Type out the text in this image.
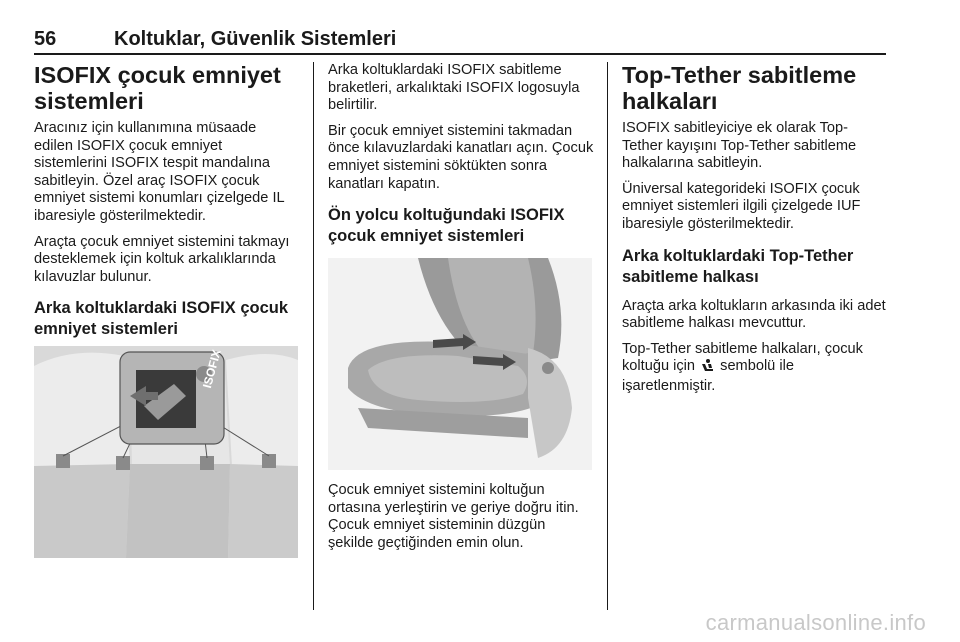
56	Koltuklar, Güvenlik Sistemleri
ISOFIX çocuk emniyet sistemleri

Aracınız için kullanımına müsaade edilen ISOFIX çocuk emniyet sistemlerini ISOFIX tespit mandalına sabitleyin. Özel araç ISOFIX çocuk emniyet sistemi konumları çizelgede IL ibaresiyle gösterilmektedir.

Araçta çocuk emniyet sistemini takmayı desteklemek için koltuk arkalıklarında kılavuzlar bulunur.

Arka koltuklardaki ISOFIX çocuk emniyet sistemleri
ISOFIX

Arka koltuklardaki ISOFIX sabitleme braketleri, arkalıktaki ISOFIX logosuyla belirtilir.

Bir çocuk emniyet sistemini takmadan önce kılavuzlardaki kanatları açın. Çocuk emniyet sistemini söktükten sonra kanatları kapatın.

Ön yolcu koltuğundaki ISOFIX çocuk emniyet sistemleri

Çocuk emniyet sistemini koltuğun ortasına yerleştirin ve geriye doğru itin. Çocuk emniyet sisteminin düzgün şekilde geçtiğinden emin olun.

Top-Tether sabitleme halkaları

ISOFIX sabitleyiciye ek olarak Top-Tether kayışını Top-Tether sabitleme halkalarına sabitleyin.

Üniversal kategorideki ISOFIX çocuk emniyet sistemleri ilgili çizelgede IUF ibaresiyle gösterilmektedir.

Arka koltuklardaki Top-Tether sabitleme halkası

Araçta arka koltukların arkasında iki adet sabitleme halkası mevcuttur.

Top-Tether sabitleme halkaları, çocuk koltuğu için sembolü ile işaretlenmiştir.

carmanualsonline.info
